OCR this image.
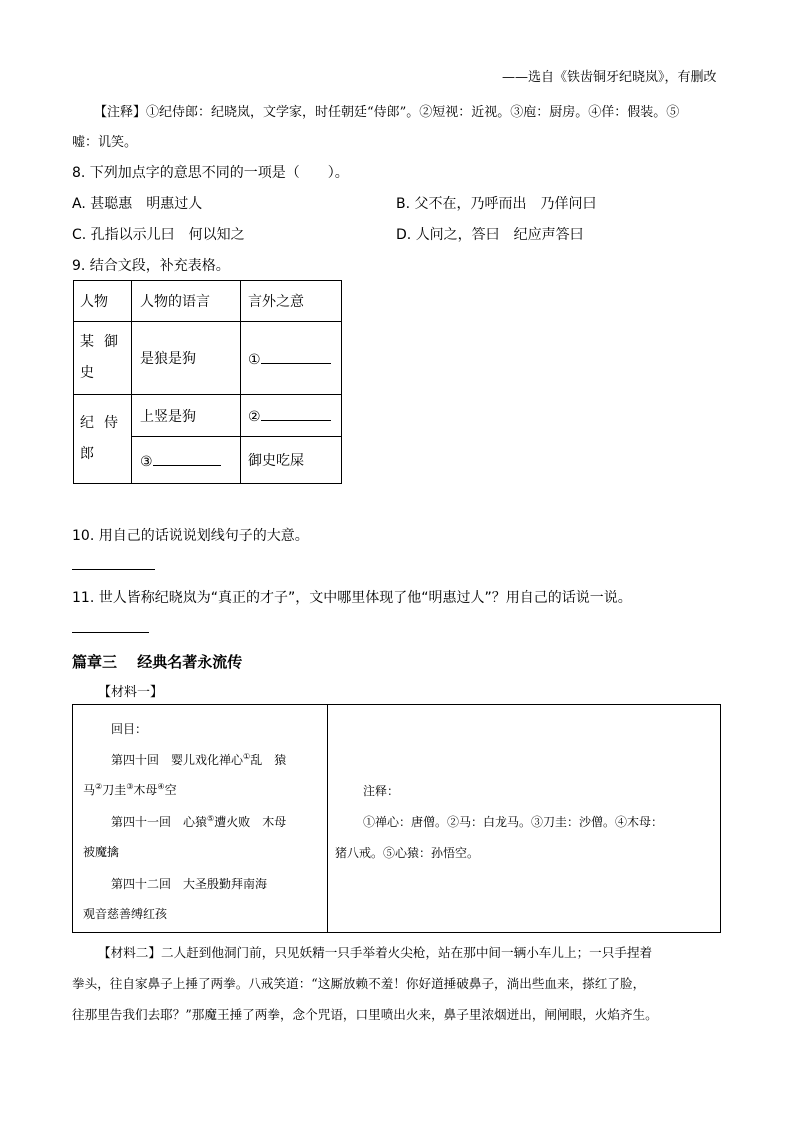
——选自《铁齿铜牙纪晓岚》，有删改
【注释】①纪侍郎：纪晓岚，文学家，时任朝廷“侍郎”。②短视：近视。③庖：厨房。④佯：假装。⑤
嘘：讥笑。
8. 下列加点字的意思不同的一项是（　　）。
A. 甚聪惠　明惠过人	B. 父不在，乃呼而出　乃佯问曰
C. 孔指以示儿曰　何以知之	D. 人问之，答曰　纪应声答曰
9. 结合文段，补充表格。
人物	人物的语言	言外之意

某 御
史	是狼是狗	①

纪 侍
郎	上竖是狗	②
	③	御史吃屎
10. 用自己的话说说划线句子的大意。
11. 世人皆称纪晓岚为“真正的才子”，文中哪里体现了他“明惠过人”？用自己的话说一说。
篇章三　 经典名著永流传
【材料一】
回目：
第四十回　婴儿戏化禅心①乱　猿
马②刀圭③木母④空
第四十一回　心猿⑤遭火败　木母
被魔擒
第四十二回　大圣殷勤拜南海
观音慈善缚红孩
注释：
①禅心：唐僧。②马：白龙马。③刀圭：沙僧。④木母：
猪八戒。⑤心猿：孙悟空。
【材料二】二人赶到他洞门前，只见妖精一只手举着火尖枪，站在那中间一辆小车儿上；一只手捏着
拳头，往自家鼻子上捶了两拳。八戒笑道：“这厮放赖不羞！你好道捶破鼻子，淌出些血来，搽红了脸，
往那里告我们去耶？”那魔王捶了两拳，念个咒语，口里喷出火来，鼻子里浓烟迸出，闸闸眼，火焰齐生。
